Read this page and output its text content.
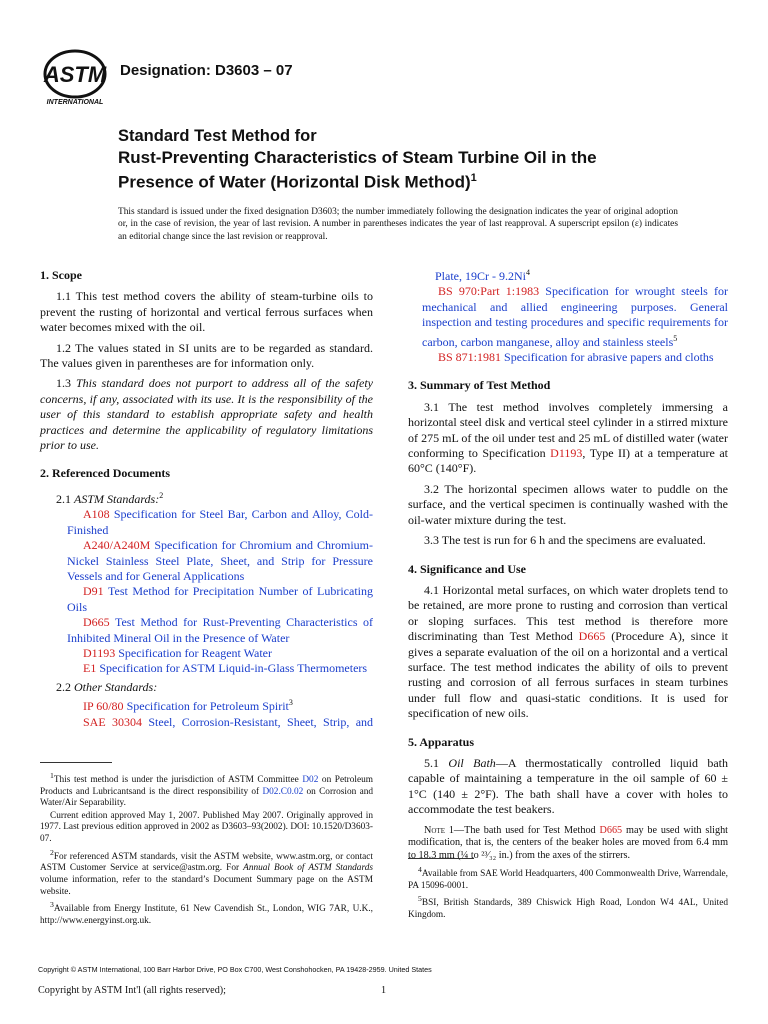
ASTM
INTERNATIONAL
Designation: D3603 – 07
Standard Test Method for
Rust-Preventing Characteristics of Steam Turbine Oil in the
Presence of Water (Horizontal Disk Method)$^1$
This standard is issued under the fixed designation D3603; the number immediately following the designation indicates the year of original adoption or, in the case of revision, the year of last revision. A number in parentheses indicates the year of last reapproval. A superscript epsilon (ε) indicates an editorial change since the last revision or reapproval.
1. Scope

1.1 This test method covers the ability of steam-turbine oils to prevent the rusting of horizontal and vertical ferrous surfaces when water becomes mixed with the oil.

1.2 The values stated in SI units are to be regarded as standard. The values given in parentheses are for information only.

1.3 This standard does not purport to address all of the safety concerns, if any, associated with its use. It is the responsibility of the user of this standard to establish appropriate safety and health practices and determine the applicability of regulatory limitations prior to use.

2. Referenced Documents

2.1 ASTM Standards:$^2$

A108 Specification for Steel Bar, Carbon and Alloy, Cold-Finished

A240/A240M Specification for Chromium and Chromium-Nickel Stainless Steel Plate, Sheet, and Strip for Pressure Vessels and for General Applications

D91 Test Method for Precipitation Number of Lubricating Oils

D665 Test Method for Rust-Preventing Characteristics of Inhibited Mineral Oil in the Presence of Water

D1193 Specification for Reagent Water

E1 Specification for ASTM Liquid-in-Glass Thermometers

2.2 Other Standards:

IP 60/80 Specification for Petroleum Spirit$^3$

SAE 30304 Steel, Corrosion-Resistant, Sheet, Strip, and

$^1$This test method is under the jurisdiction of ASTM Committee D02 on Petroleum Products and Lubricantsand is the direct responsibility of D02.C0.02 on Corrosion and Water/Air Separability.

Current edition approved May 1, 2007. Published May 2007. Originally approved in 1977. Last previous edition approved in 2002 as D3603–93(2002). DOI: 10.1520/D3603-07.

$^2$For referenced ASTM standards, visit the ASTM website, www.astm.org, or contact ASTM Customer Service at service@astm.org. For Annual Book of ASTM Standards volume information, refer to the standard’s Document Summary page on the ASTM website.

$^3$Available from Energy Institute, 61 New Cavendish St., London, WIG 7AR, U.K., http://www.energyinst.org.uk.

Plate, 19Cr - 9.2Ni$^4$

BS 970:Part 1:1983 Specification for wrought steels for mechanical and allied engineering purposes. General inspection and testing procedures and specific requirements for carbon, carbon manganese, alloy and stainless steels$^5$

BS 871:1981 Specification for abrasive papers and cloths

3. Summary of Test Method

3.1 The test method involves completely immersing a horizontal steel disk and vertical steel cylinder in a stirred mixture of 275 mL of the oil under test and 25 mL of distilled water (water conforming to Specification D1193, Type II) at a temperature at 60°C (140°F).

3.2 The horizontal specimen allows water to puddle on the surface, and the vertical specimen is continually washed with the oil-water mixture during the test.

3.3 The test is run for 6 h and the specimens are evaluated.

4. Significance and Use

4.1 Horizontal metal surfaces, on which water droplets tend to be retained, are more prone to rusting and corrosion than vertical or sloping surfaces. This test method is therefore more discriminating than Test Method D665 (Procedure A), since it gives a separate evaluation of the oil on a horizontal and a vertical surface. The test method indicates the ability of oils to prevent rusting and corrosion of all ferrous surfaces in steam turbines under full flow and quasi-static conditions. It is used for specification of new oils.

5. Apparatus

5.1 Oil Bath—A thermostatically controlled liquid bath capable of maintaining a temperature in the oil sample of 60 ± 1°C (140 ± 2°F). The bath shall have a cover with holes to accommodate the test beakers.

Note 1—The bath used for Test Method D665 may be used with slight modification, that is, the centers of the beaker holes are moved from 6.4 mm to 18.3 mm (¼ to ²³⁄₃₂ in.) from the axes of the stirrers.

$^4$Available from SAE World Headquarters, 400 Commonwealth Drive, Warrendale, PA 15096-0001.

$^5$BSI, British Standards, 389 Chiswick High Road, London W4 4AL, United Kingdom.

Copyright © ASTM International, 100 Barr Harbor Drive, PO Box C700, West Conshohocken, PA 19428-2959. United States
Copyright by ASTM Int'l (all rights reserved);	1
